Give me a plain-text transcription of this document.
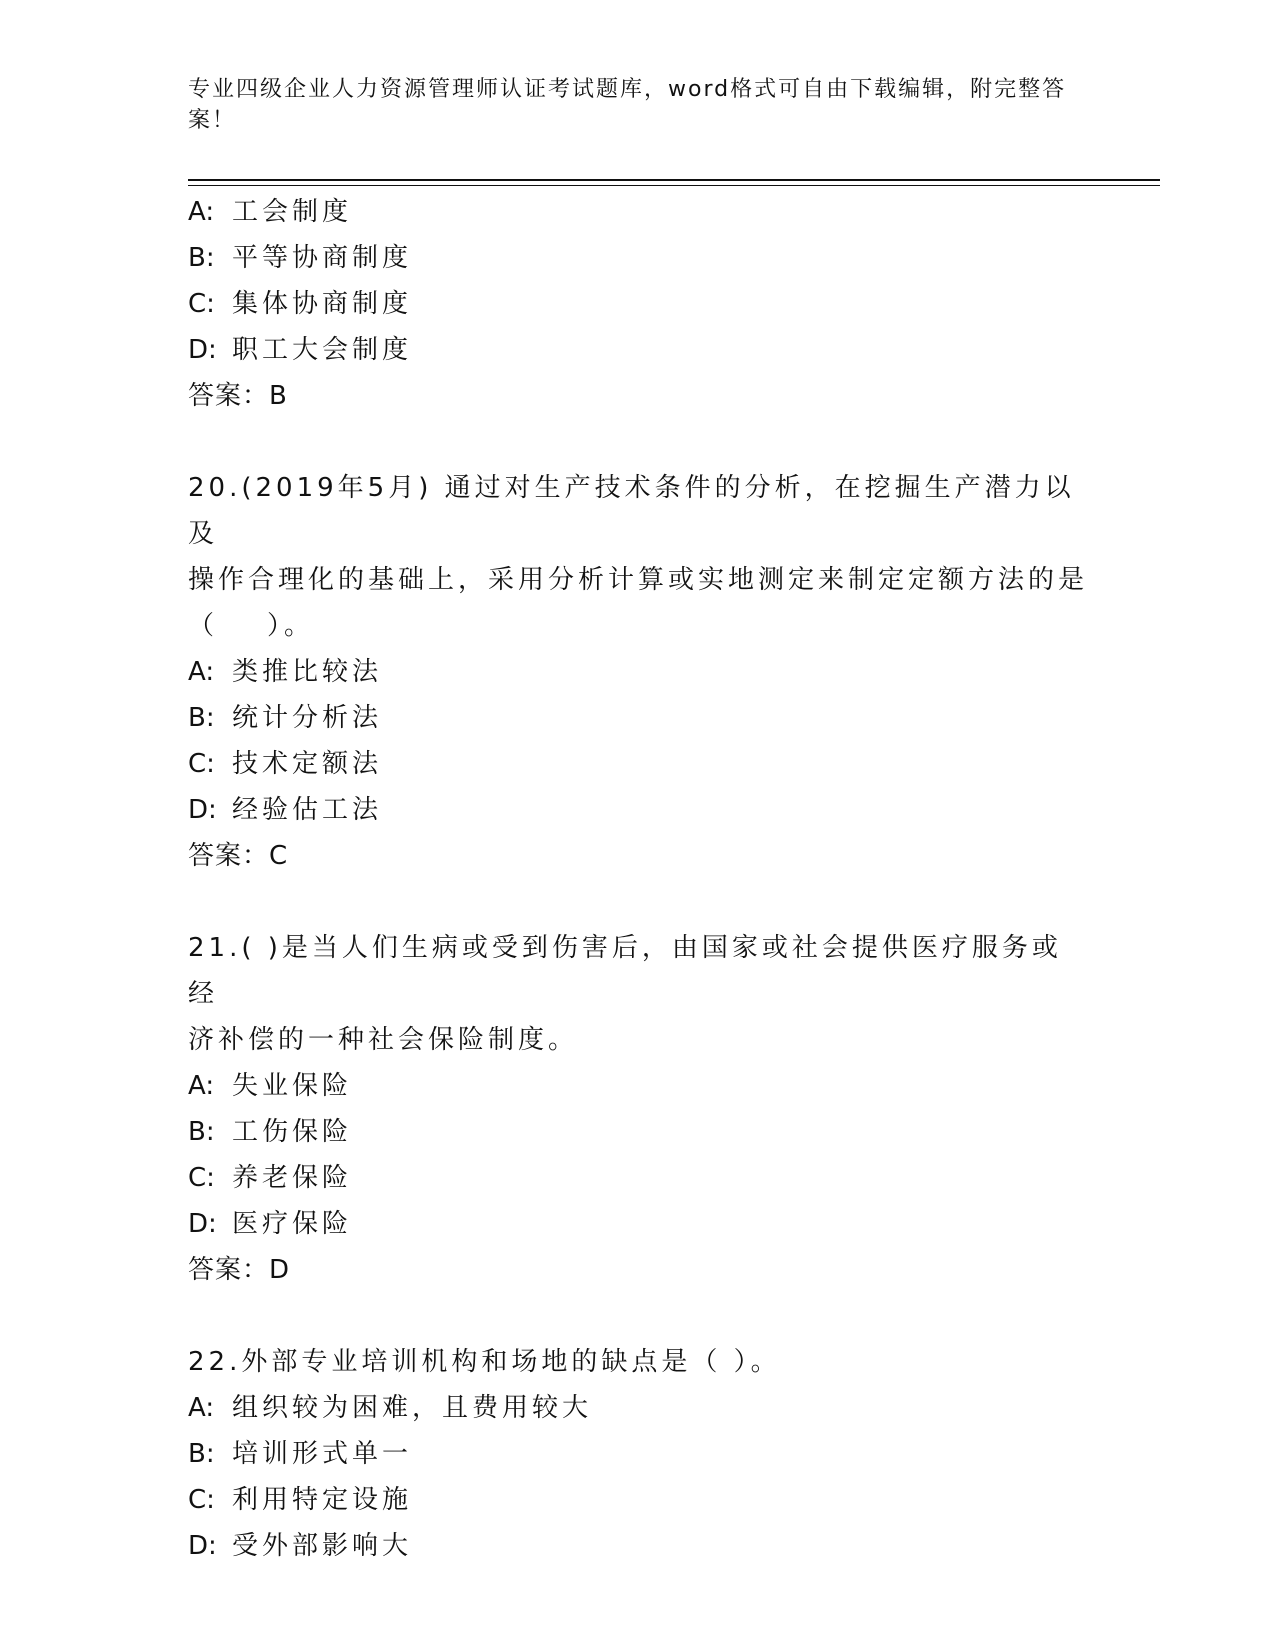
专业四级企业人力资源管理师认证考试题库，word格式可自由下载编辑，附完整答案！
A: 工会制度
B: 平等协商制度
C: 集体协商制度
D: 职工大会制度
答案：B
20.(2019年5月) 通过对生产技术条件的分析，在挖掘生产潜力以及
操作合理化的基础上，采用分析计算或实地测定来制定定额方法的是
（    ）。
A: 类推比较法
B: 统计分析法
C: 技术定额法
D: 经验估工法
答案：C
21.( )是当人们生病或受到伤害后，由国家或社会提供医疗服务或经
济补偿的一种社会保险制度。
A: 失业保险
B: 工伤保险
C: 养老保险
D: 医疗保险
答案：D
22.外部专业培训机构和场地的缺点是（ ）。
A: 组织较为困难，且费用较大
B: 培训形式单一
C: 利用特定设施
D: 受外部影响大
